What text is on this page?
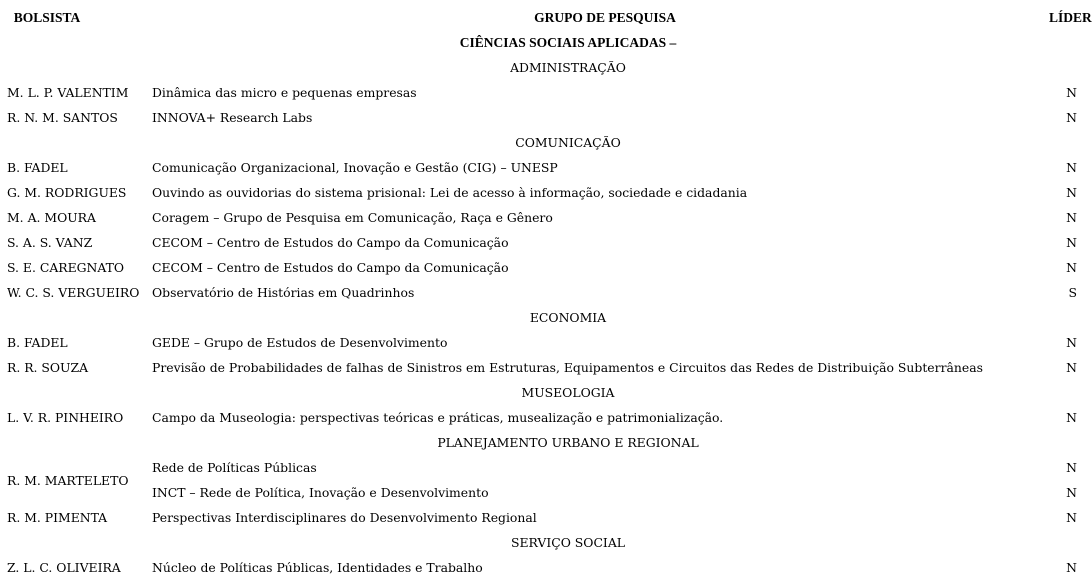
BOLSISTA	GRUPO DE PESQUISA	LÍDER
CIÊNCIAS SOCIAIS APLICADAS –		
ADMINISTRAÇÃO		
M. L. P. VALENTIM	Dinâmica das micro e pequenas empresas	N
R. N. M. SANTOS	INNOVA+ Research Labs	N
COMUNICAÇÃO		
B. FADEL	Comunicação Organizacional, Inovação e Gestão (CIG) – UNESP	N
G. M. RODRIGUES	Ouvindo as ouvidorias do sistema prisional: Lei de acesso à informação, sociedade e cidadania	N
M. A. MOURA	Coragem – Grupo de Pesquisa em Comunicação, Raça e Gênero	N
S. A. S. VANZ	CECOM – Centro de Estudos do Campo da Comunicação	N
S. E. CAREGNATO	CECOM – Centro de Estudos do Campo da Comunicação	N
W. C. S. VERGUEIRO	Observatório de Histórias em Quadrinhos	S
ECONOMIA		
B. FADEL	GEDE – Grupo de Estudos de Desenvolvimento	N
R. R. SOUZA	Previsão de Probabilidades de falhas de Sinistros em Estruturas, Equipamentos e Circuitos das Redes de Distribuição Subterrâneas	N
MUSEOLOGIA		
L. V. R. PINHEIRO	Campo da Museologia: perspectivas teóricas e práticas, musealização e patrimonialização.	N
PLANEJAMENTO URBANO E REGIONAL		
R. M. MARTELETO	Rede de Políticas Públicas	N
	INCT – Rede de Política, Inovação e Desenvolvimento	N
R. M. PIMENTA	Perspectivas Interdisciplinares do Desenvolvimento Regional	N
SERVIÇO SOCIAL		
Z. L. C. OLIVEIRA	Núcleo de Políticas Públicas, Identidades e Trabalho	N
